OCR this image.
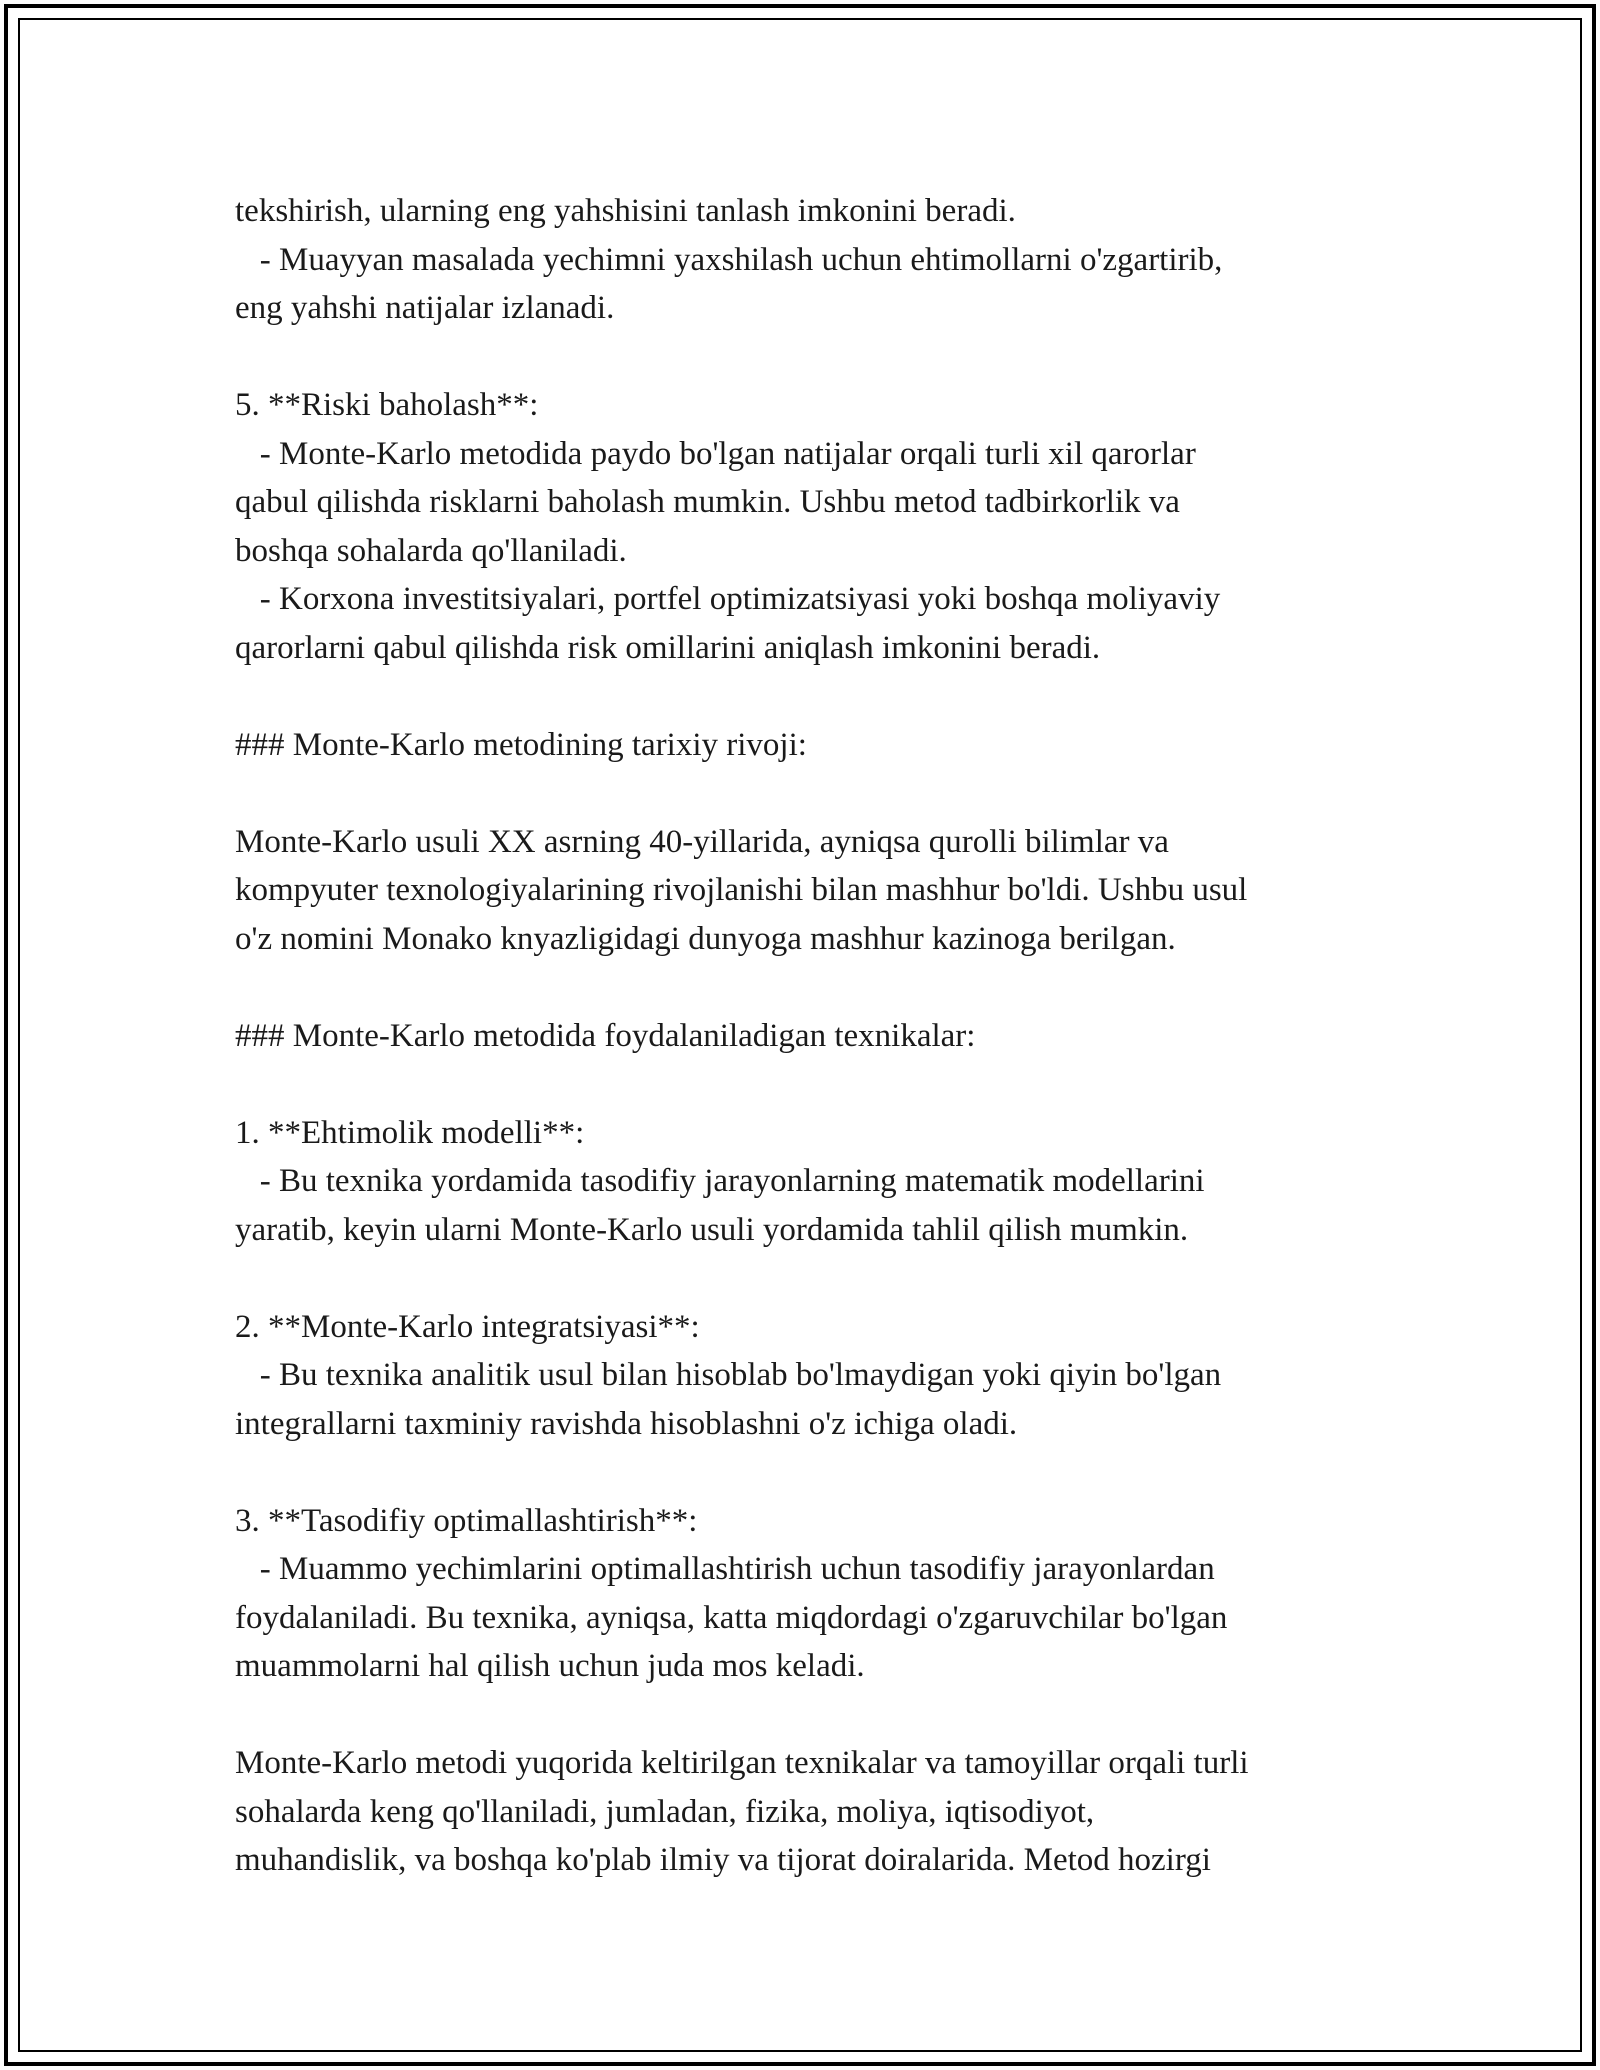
tekshirish, ularning eng yahshisini tanlash imkonini beradi.
- Muayyan masalada yechimni yaxshilash uchun ehtimollarni o'zgartirib,
eng yahshi natijalar izlanadi.
5. **Riski baholash**:
- Monte-Karlo metodida paydo bo'lgan natijalar orqali turli xil qarorlar
qabul qilishda risklarni baholash mumkin. Ushbu metod tadbirkorlik va
boshqa sohalarda qo'llaniladi.
- Korxona investitsiyalari, portfel optimizatsiyasi yoki boshqa moliyaviy
qarorlarni qabul qilishda risk omillarini aniqlash imkonini beradi.
### Monte-Karlo metodining tarixiy rivoji:
Monte-Karlo usuli XX asrning 40-yillarida, ayniqsa qurolli bilimlar va
kompyuter texnologiyalarining rivojlanishi bilan mashhur bo'ldi. Ushbu usul
o'z nomini Monako knyazligidagi dunyoga mashhur kazinoga berilgan.
### Monte-Karlo metodida foydalaniladigan texnikalar:
1. **Ehtimolik modelli**:
- Bu texnika yordamida tasodifiy jarayonlarning matematik modellarini
yaratib, keyin ularni Monte-Karlo usuli yordamida tahlil qilish mumkin.
2. **Monte-Karlo integratsiyasi**:
- Bu texnika analitik usul bilan hisoblab bo'lmaydigan yoki qiyin bo'lgan
integrallarni taxminiy ravishda hisoblashni o'z ichiga oladi.
3. **Tasodifiy optimallashtirish**:
- Muammo yechimlarini optimallashtirish uchun tasodifiy jarayonlardan
foydalaniladi. Bu texnika, ayniqsa, katta miqdordagi o'zgaruvchilar bo'lgan
muammolarni hal qilish uchun juda mos keladi.
Monte-Karlo metodi yuqorida keltirilgan texnikalar va tamoyillar orqali turli
sohalarda keng qo'llaniladi, jumladan, fizika, moliya, iqtisodiyot,
muhandislik, va boshqa ko'plab ilmiy va tijorat doiralarida. Metod hozirgi
